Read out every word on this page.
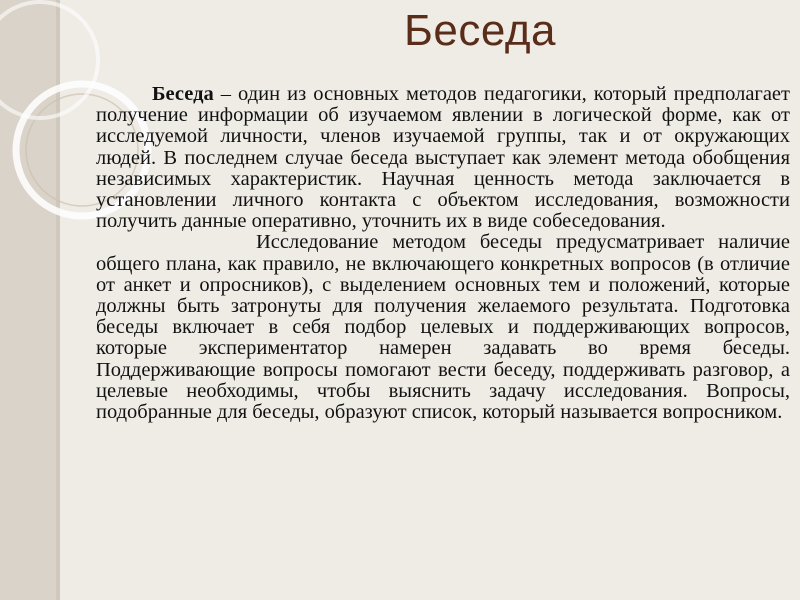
Беседа

Беседа – один из основных методов педагогики, который предполагает получение информации об изучаемом явлении в логической форме, как от исследуемой личности, членов изучаемой группы, так и от окружающих людей. В последнем случае беседа выступает как элемент метода обобщения независимых характеристик. Научная ценность метода заключается в установлении личного контакта с объектом исследования, возможности получить данные оперативно, уточнить их в виде собеседования.

Исследование методом беседы предусматривает наличие общего плана, как правило, не включающего конкретных вопросов (в отличие от анкет и опросников), с выделением основных тем и положений, которые должны быть затронуты для получения желаемого результата. Подготовка беседы включает в себя подбор целевых и поддерживающих вопросов, которые экспериментатор намерен задавать во время беседы. Поддерживающие вопросы помогают вести беседу, поддерживать разговор, а целевые необходимы, чтобы выяснить задачу исследования. Вопросы, подобранные для беседы, образуют список, который называется вопросником.
